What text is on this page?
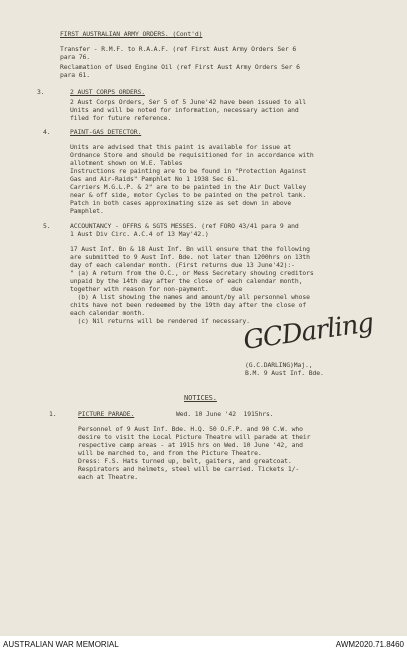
FIRST AUSTRALIAN ARMY ORDERS. (Cont'd)
Transfer - R.M.F. to R.A.A.F. (ref First Aust Army Orders Ser 6
para 76.
Reclamation of Used Engine Oil (ref First Aust Army Orders Ser 6
para 61.
3.	2 AUST CORPS ORDERS.
2 Aust Corps Orders, Ser 5 of 5 June'42 have been issued to all
Units and will be noted for information, necessary action and
filed for future reference.
4.	PAINT-GAS DETECTOR.
Units are advised that this paint is available for issue at
Ordnance Store and should be requisitioned for in accordance with
allotment shown on W.E. Tables
Instructions re painting are to be found in "Protection Against
Gas and Air-Raids" Pamphlet No 1 1938 Sec 61.
Carriers M.G.L.P. & 2" are to be painted in the Air Duct Valley
near & off side, motor Cycles to be painted on the petrol tank.
Patch in both cases approximating size as set down in above
Pamphlet.
5.	ACCOUNTANCY - OFFRS & SGTS MESSES. (ref FORO 43/41 para 9 and
1 Aust Div Circ. A.C.4 of 13 May'42.)
17 Aust Inf. Bn & 18 Aust Inf. Bn will ensure that the following
are submitted to 9 Aust Inf. Bde. not later than 1200hrs on 13th
day of each calendar month. (First returns due 13 June'42):-
" (a) A return from the O.C., or Mess Secretary showing creditors
unpaid by the 14th day after the close of each calendar month,
together with reason for non-payment.      due
(b) A list showing the names and amount/by all personnel whose
chits have not been redeemed by the 19th day after the close of
each calendar month.
(c) Nil returns will be rendered if necessary.
GCDarling
(G.C.DARLING)Maj.,
B.M. 9 Aust Inf. Bde.
NOTICES.
1.	PICTURE PARADE.	Wed. 10 June '42  1915hrs.
Personnel of 9 Aust Inf. Bde. H.Q. 50 O.F.P. and 90 C.W. who
desire to visit the Local Picture Theatre will parade at their
respective camp areas - at 1915 hrs on Wed. 10 June '42, and
will be marched to, and from the Picture Theatre.
Dress: F.S. Hats turned up, belt, gaiters, and greatcoat.
Respirators and helmets, steel will be carried. Tickets 1/-
each at Theatre.
AUSTRALIAN WAR MEMORIAL	AWM2020.71.8460
